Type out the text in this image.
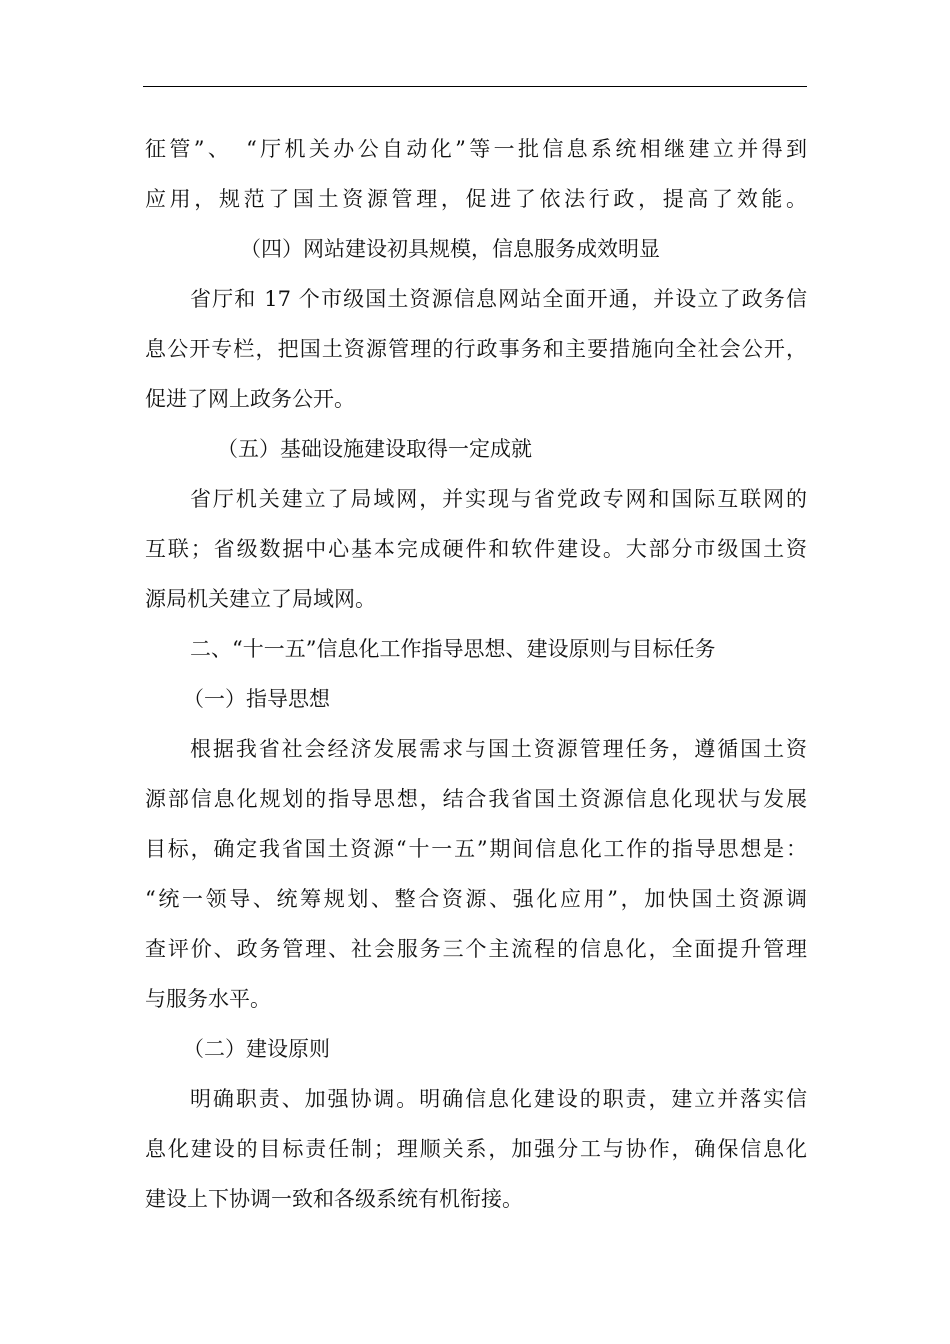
征管”、　“厅机关办公自动化”等一批信息系统相继建立并得到
应用，规范了国土资源管理，促进了依法行政，提高了效能。
（四）网站建设初具规模，信息服务成效明显
省厅和 17 个市级国土资源信息网站全面开通，并设立了政务信
息公开专栏，把国土资源管理的行政事务和主要措施向全社会公开，
促进了网上政务公开。
（五）基础设施建设取得一定成就
省厅机关建立了局域网，并实现与省党政专网和国际互联网的
互联；省级数据中心基本完成硬件和软件建设。大部分市级国土资
源局机关建立了局域网。
二、“十一五”信息化工作指导思想、建设原则与目标任务
（一）指导思想
根据我省社会经济发展需求与国土资源管理任务，遵循国土资
源部信息化规划的指导思想，结合我省国土资源信息化现状与发展
目标，确定我省国土资源“十一五”期间信息化工作的指导思想是：
“统一领导、统筹规划、整合资源、强化应用”，加快国土资源调
查评价、政务管理、社会服务三个主流程的信息化，全面提升管理
与服务水平。
（二）建设原则
明确职责、加强协调。明确信息化建设的职责，建立并落实信
息化建设的目标责任制；理顺关系，加强分工与协作，确保信息化
建设上下协调一致和各级系统有机衔接。
